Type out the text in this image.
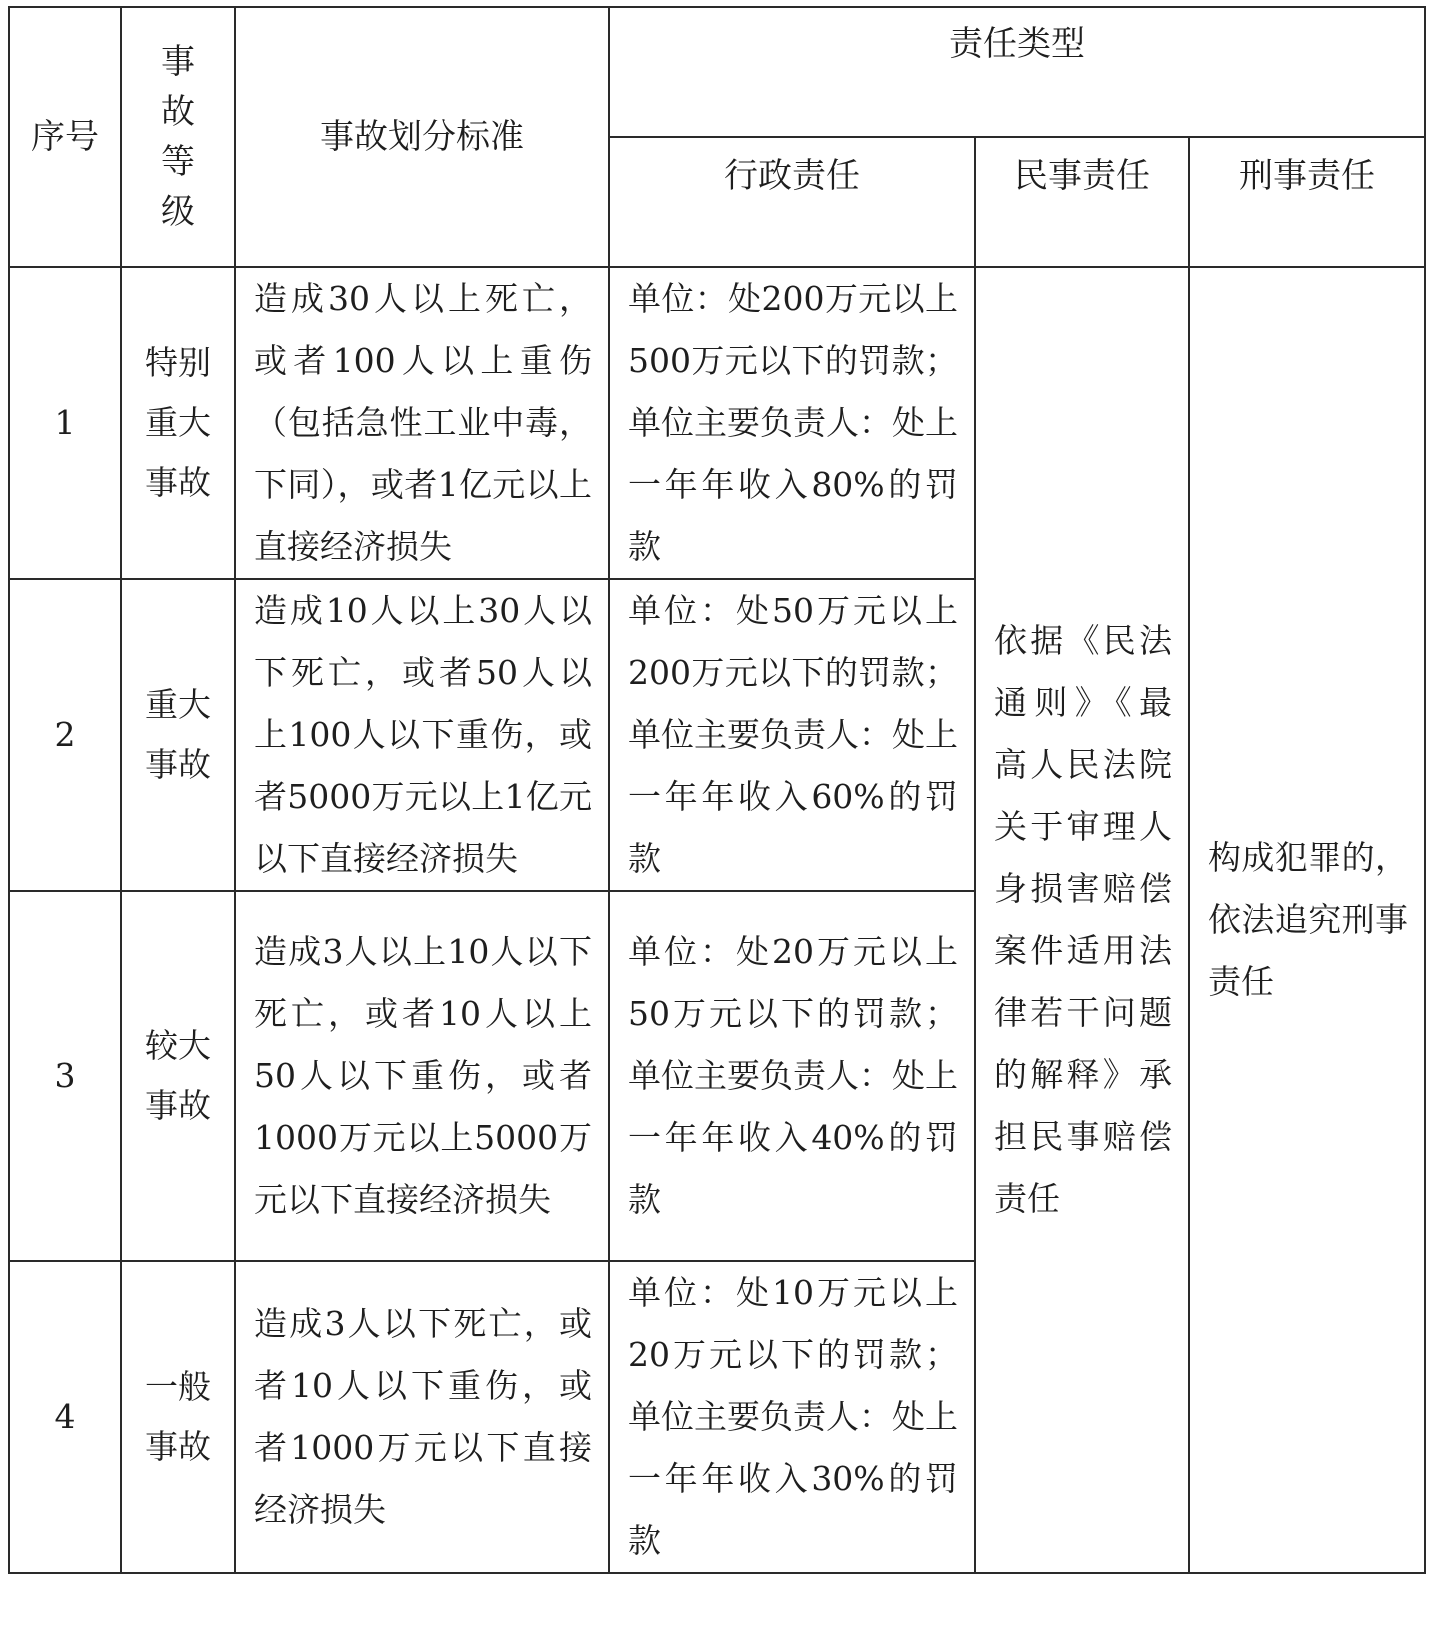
序号	事故等级	事故划分标准	责任类型		
			行政责任	民事责任	刑事责任
1	特别重大事故	造成30人以上死亡，或者100人以上重伤（包括急性工业中毒，下同），或者1亿元以上直接经济损失	单位：处200万元以上500万元以下的罚款；单位主要负责人：处上一年年收入80%的罚款	依据《民法通则》《最高人民法院关于审理人身损害赔偿案件适用法律若干问题的解释》承担民事赔偿责任	构成犯罪的，依法追究刑事责任
2	重大事故	造成10人以上30人以下死亡，或者50人以上100人以下重伤，或者5000万元以上1亿元以下直接经济损失	单位：处50万元以上200万元以下的罚款；单位主要负责人：处上一年年收入60%的罚款		
3	较大事故	造成3人以上10人以下死亡，或者10人以上50人以下重伤，或者1000万元以上5000万元以下直接经济损失	单位：处20万元以上50万元以下的罚款；单位主要负责人：处上一年年收入40%的罚款		
4	一般事故	造成3人以下死亡，或者10人以下重伤，或者1000万元以下直接经济损失	单位：处10万元以上20万元以下的罚款；单位主要负责人：处上一年年收入30%的罚款		
